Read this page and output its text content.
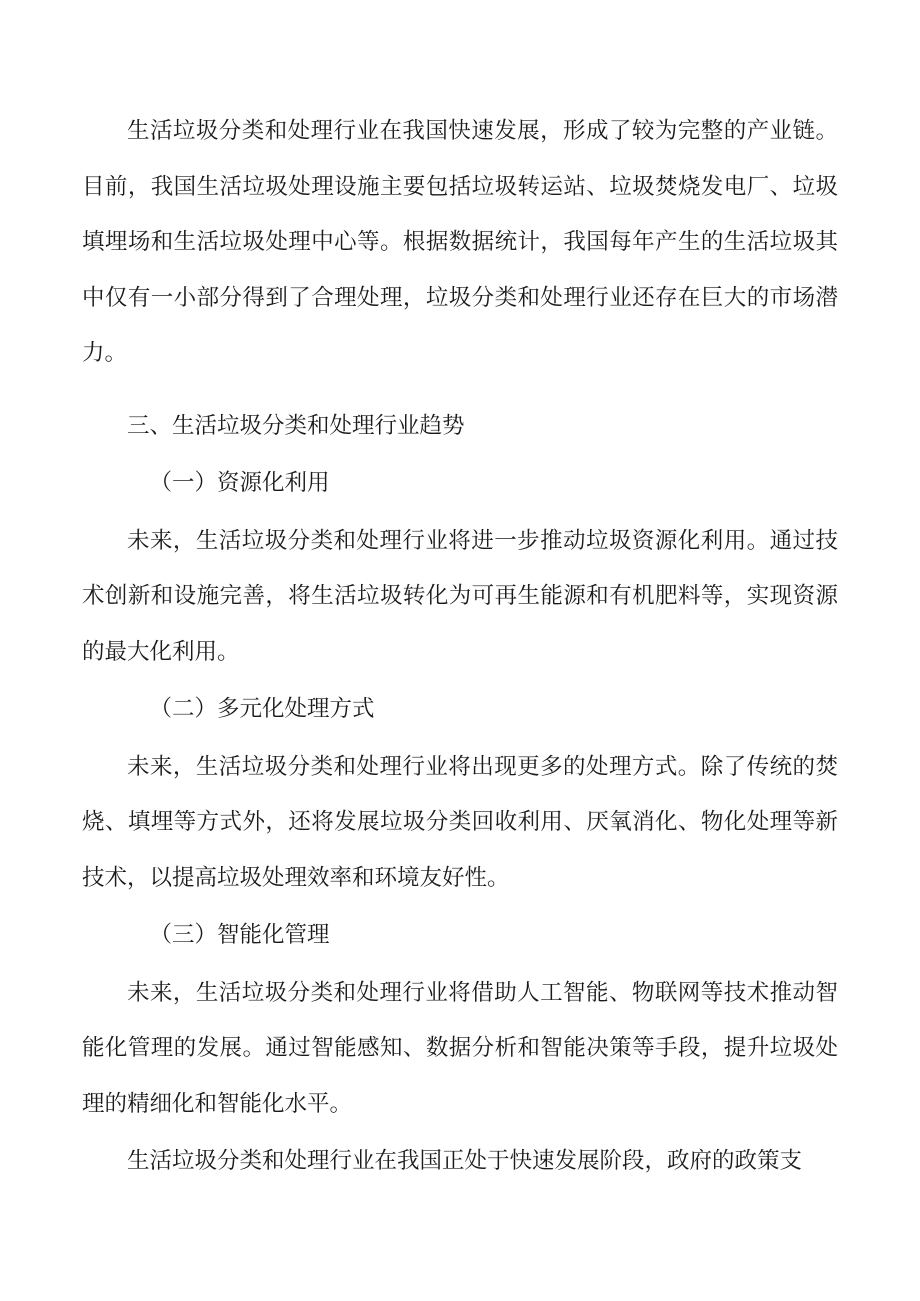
生活垃圾分类和处理行业在我国快速发展，形成了较为完整的产业链。目前，我国生活垃圾处理设施主要包括垃圾转运站、垃圾焚烧发电厂、垃圾填埋场和生活垃圾处理中心等。根据数据统计，我国每年产生的生活垃圾其中仅有一小部分得到了合理处理，垃圾分类和处理行业还存在巨大的市场潜力。

三、生活垃圾分类和处理行业趋势

（一）资源化利用

未来，生活垃圾分类和处理行业将进一步推动垃圾资源化利用。通过技术创新和设施完善，将生活垃圾转化为可再生能源和有机肥料等，实现资源的最大化利用。

（二）多元化处理方式

未来，生活垃圾分类和处理行业将出现更多的处理方式。除了传统的焚烧、填埋等方式外，还将发展垃圾分类回收利用、厌氧消化、物化处理等新技术，以提高垃圾处理效率和环境友好性。

（三）智能化管理

未来，生活垃圾分类和处理行业将借助人工智能、物联网等技术推动智能化管理的发展。通过智能感知、数据分析和智能决策等手段，提升垃圾处理的精细化和智能化水平。

生活垃圾分类和处理行业在我国正处于快速发展阶段，政府的政策支
